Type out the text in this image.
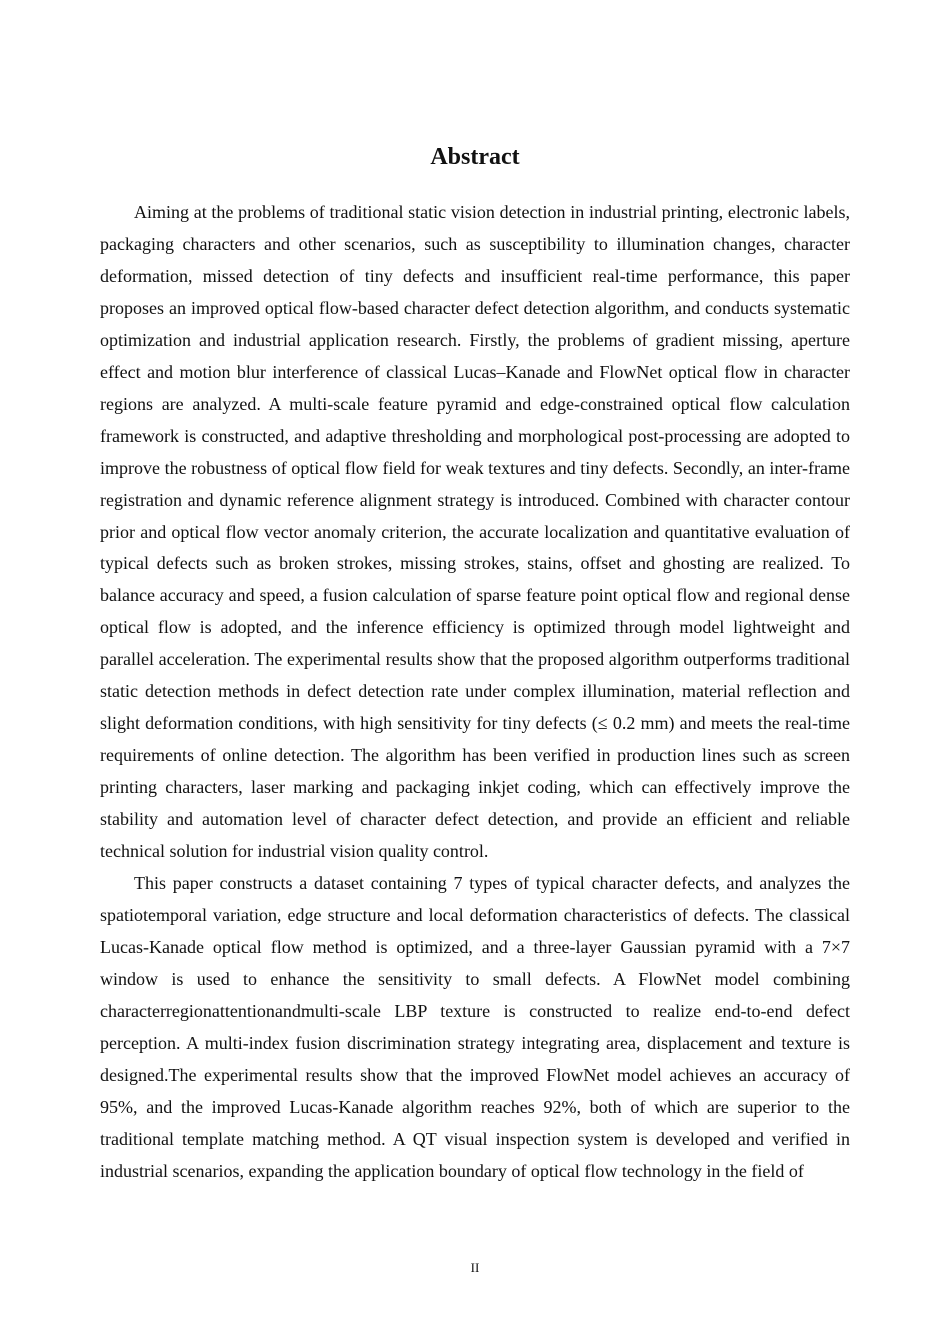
Abstract

Aiming at the problems of traditional static vision detection in industrial printing, electronic labels, packaging characters and other scenarios, such as susceptibility to illumination changes, character deformation, missed detection of tiny defects and insufficient real-time performance, this paper proposes an improved optical flow-based character defect detection algorithm, and conducts systematic optimization and industrial application research. Firstly, the problems of gradient missing, aperture effect and motion blur interference of classical Lucas–Kanade and FlowNet optical flow in character regions are analyzed. A multi-scale feature pyramid and edge-constrained optical flow calculation framework is constructed, and adaptive thresholding and morphological post-processing are adopted to improve the robustness of optical flow field for weak textures and tiny defects. Secondly, an inter-frame registration and dynamic reference alignment strategy is introduced. Combined with character contour prior and optical flow vector anomaly criterion, the accurate localization and quantitative evaluation of typical defects such as broken strokes, missing strokes, stains, offset and ghosting are realized. To balance accuracy and speed, a fusion calculation of sparse feature point optical flow and regional dense optical flow is adopted, and the inference efficiency is optimized through model lightweight and parallel acceleration. The experimental results show that the proposed algorithm outperforms traditional static detection methods in defect detection rate under complex illumination, material reflection and slight deformation conditions, with high sensitivity for tiny defects (≤ 0.2 mm) and meets the real-time requirements of online detection. The algorithm has been verified in production lines such as screen printing characters, laser marking and packaging inkjet coding, which can effectively improve the stability and automation level of character defect detection, and provide an efficient and reliable technical solution for industrial vision quality control.

This paper constructs a dataset containing 7 types of typical character defects, and analyzes the spatiotemporal variation, edge structure and local deformation characteristics of defects. The classical Lucas-Kanade optical flow method is optimized, and a three-layer Gaussian pyramid with a 7×7 window is used to enhance the sensitivity to small defects. A FlowNet model combining characterregionattentionandmulti-scale LBP texture is constructed to realize end-to-end defect perception. A multi-index fusion discrimination strategy integrating area, displacement and texture is designed.The experimental results show that the improved FlowNet model achieves an accuracy of 95%, and the improved Lucas-Kanade algorithm reaches 92%, both of which are superior to the traditional template matching method. A QT visual inspection system is developed and verified in industrial scenarios, expanding the application boundary of optical flow technology in the field of

II
